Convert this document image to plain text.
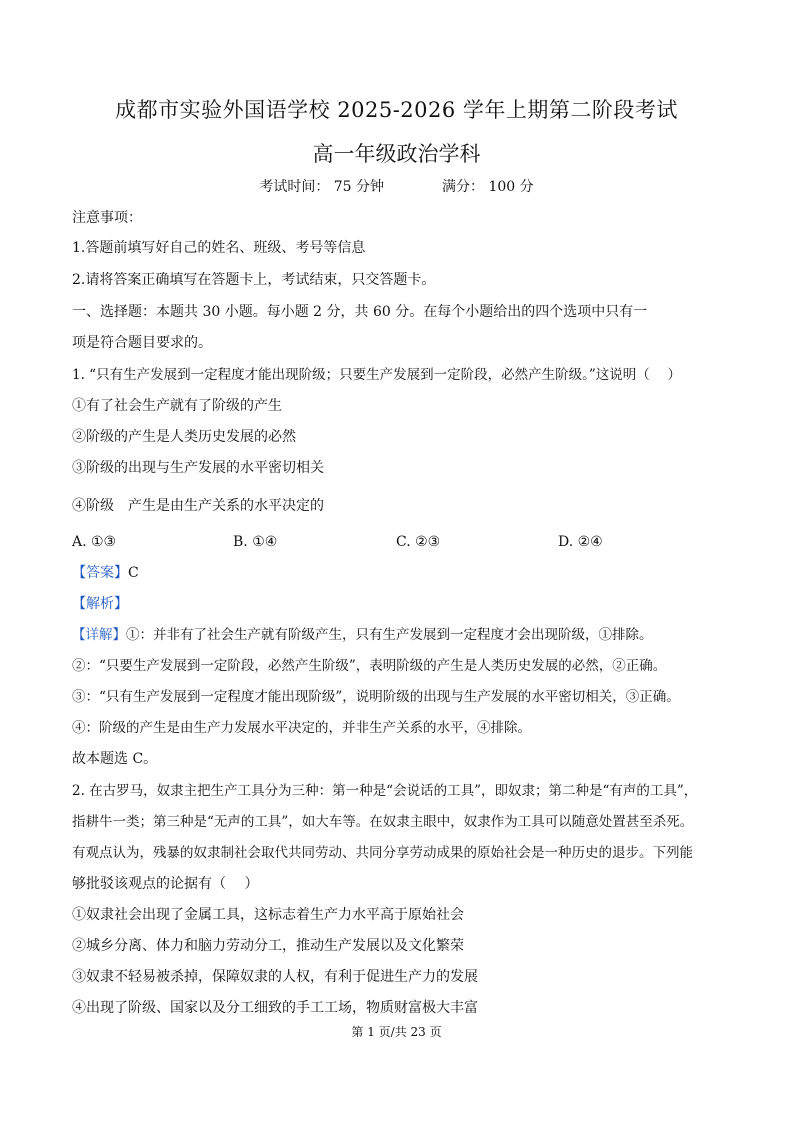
成都市实验外国语学校 2025-2026 学年上期第二阶段考试
高一年级政治学科
考试时间： 75 分钟	满分： 100 分
注意事项：
1.答题前填写好自己的姓名、班级、考号等信息
2.请将答案正确填写在答题卡上，考试结束，只交答题卡。
一、选择题：本题共 30 小题。每小题 2 分，共 60 分。在每个小题给出的四个选项中只有一
项是符合题目要求的。
1. “只有生产发展到一定程度才能出现阶级；只要生产发展到一定阶段，必然产生阶级。”这说明（　 ）
①有了社会生产就有了阶级的产生
②阶级的产生是人类历史发展的必然
③阶级的出现与生产发展的水平密切相关
④阶级　产生是由生产关系的水平决定的
A. ①③	B. ①④	C. ②③	D. ②④
【答案】C
【解析】
【详解】①：并非有了社会生产就有阶级产生，只有生产发展到一定程度才会出现阶级，①排除。
②：“只要生产发展到一定阶段，必然产生阶级”，表明阶级的产生是人类历史发展的必然，②正确。
③：“只有生产发展到一定程度才能出现阶级”，说明阶级的出现与生产发展的水平密切相关，③正确。
④：阶级的产生是由生产力发展水平决定的，并非生产关系的水平，④排除。
故本题选 C。
2. 在古罗马，奴隶主把生产工具分为三种：第一种是“会说话的工具”，即奴隶；第二种是“有声的工具”，
指耕牛一类；第三种是“无声的工具”，如大车等。在奴隶主眼中，奴隶作为工具可以随意处置甚至杀死。
有观点认为，残暴的奴隶制社会取代共同劳动、共同分享劳动成果的原始社会是一种历史的退步。下列能
够批驳该观点的论据有（　 ）
①奴隶社会出现了金属工具，这标志着生产力水平高于原始社会
②城乡分离、体力和脑力劳动分工，推动生产发展以及文化繁荣
③奴隶不轻易被杀掉，保障奴隶的人权，有利于促进生产力的发展
④出现了阶级、国家以及分工细致的手工工场，物质财富极大丰富
第 1 页/共 23 页
